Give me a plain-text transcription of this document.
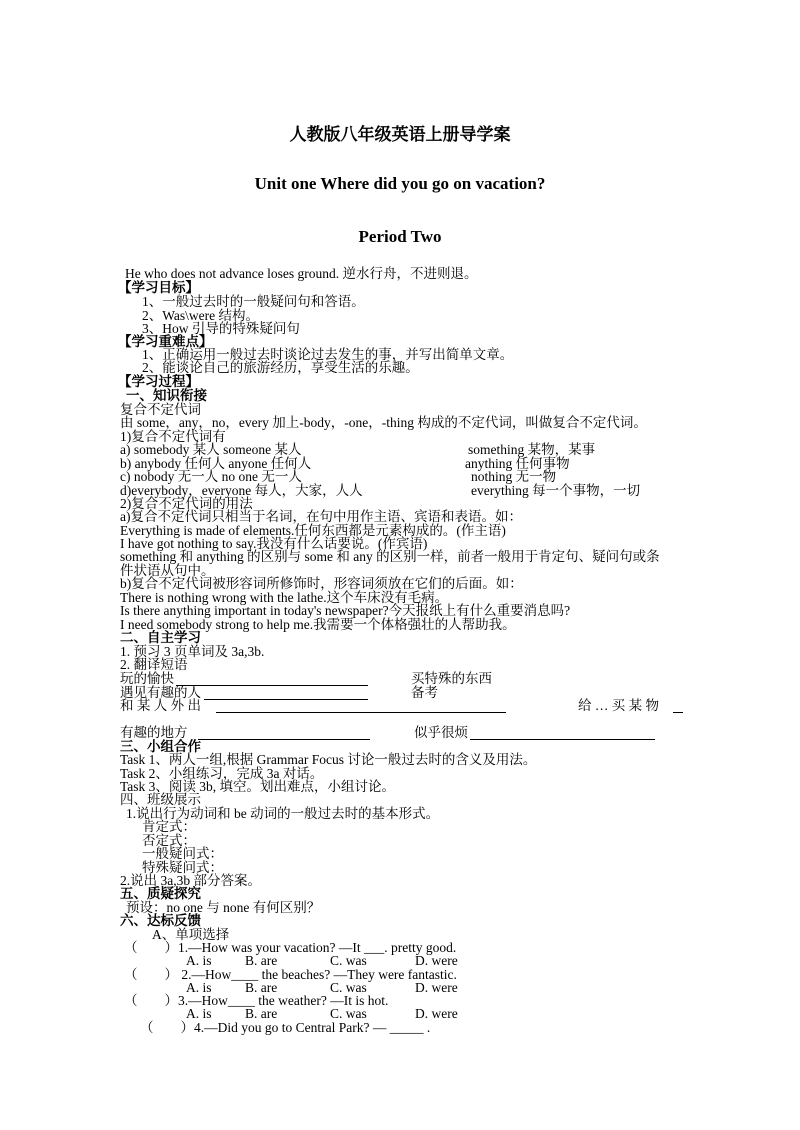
人教版八年级英语上册导学案
Unit one Where did you go on vacation?
Period Two
He who does not advance loses ground. 逆水行舟，不进则退。
【学习目标】
1、一般过去时的一般疑问句和答语。
2、Was\were 结构。
3、How 引导的特殊疑问句
【学习重难点】
1、正确运用一般过去时谈论过去发生的事，并写出简单文章。
2、能谈论自己的旅游经历，享受生活的乐趣。
【学习过程】
一、知识衔接
复合不定代词
由 some，any，no，every 加上-body，-one，-thing 构成的不定代词，叫做复合不定代词。
1)复合不定代词有
a) somebody 某人 someone 某人	something 某物，某事
b) anybody 任何人 anyone 任何人	anything 任何事物
c) nobody 无一人 no one 无一人	nothing 无一物
d)everybody，everyone 每人，大家，人人	everything 每一个事物，一切
2)复合不定代词的用法
a)复合不定代词只相当于名词，在句中用作主语、宾语和表语。如：
Everything is made of elements.任何东西都是元素构成的。(作主语)
I have got nothing to say.我没有什么话要说。(作宾语)
something 和 anything 的区别与 some 和 any 的区别一样，前者一般用于肯定句、疑问句或条
件状语从句中。
b)复合不定代词被形容词所修饰时，形容词须放在它们的后面。如：
There is nothing wrong with the lathe.这个车床没有毛病。
Is there anything important in today's newspaper?今天报纸上有什么重要消息吗?
I need somebody strong to help me.我需要一个体格强壮的人帮助我。
二、自主学习
1. 预习 3 页单词及 3a,3b.
2. 翻译短语
玩的愉快	买特殊的东西
遇见有趣的人	备考
和 某 人 外 出	给 … 买 某 物
有趣的地方	似乎很烦
三、小组合作
Task 1、两人一组,根据 Grammar Focus 讨论一般过去时的含义及用法。
Task 2、小组练习，完成 3a 对话。
Task 3、阅读 3b, 填空。划出难点，小组讨论。
四、班级展示
1.说出行为动词和 be 动词的一般过去时的基本形式。
肯定式：
否定式：
一般疑问式：
特殊疑问式：
2.说出 3a,3b 部分答案。
五、质疑探究
预设：no one 与 none 有何区别？
六、达标反馈
A、单项选择
（　　）1.—How was your vacation? —It ___. pretty good.
A. is B. are	C. was	D. were
（　　） 2.—How____ the beaches? —They were fantastic.
A. is B. are	C. was	D. were
（　　）3.—How____ the weather? —It is hot.
A. is B. are	C. was	D. were
（　　）4.—Did you go to Central Park? — _____ .
